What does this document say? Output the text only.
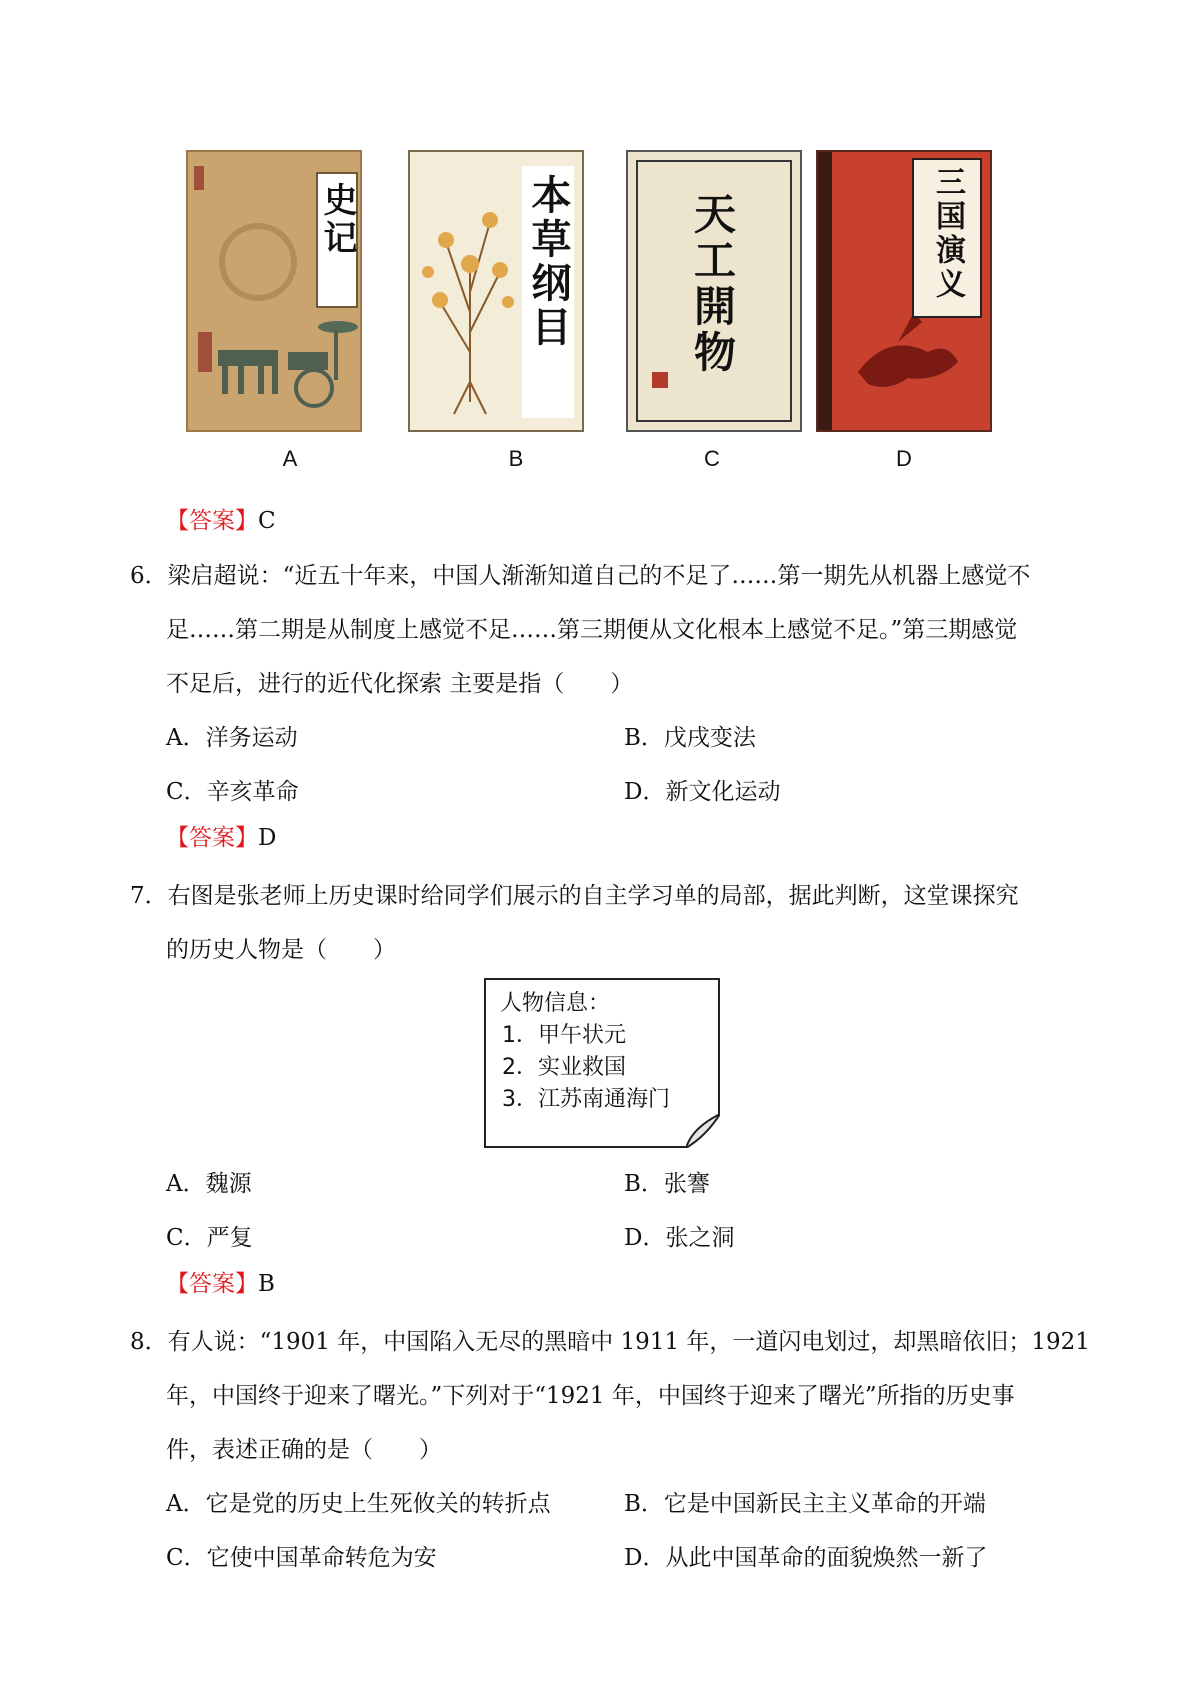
史记	本草纲目	天工開物	三国演义
A	B	C	D
【答案】C
6．梁启超说：“近五十年来，中国人渐渐知道自己的不足了……第一期先从机器上感觉不
足……第二期是从制度上感觉不足……第三期便从文化根本上感觉不足。”第三期感觉
不足后，进行的近代化探索 主要是指（　　）
A．洋务运动	B．戊戌变法
C．辛亥革命	D．新文化运动
【答案】D
7．右图是张老师上历史课时给同学们展示的自主学习单的局部，据此判断，这堂课探究
的历史人物是（　　）
人物信息：
1．甲午状元
2．实业救国
3．江苏南通海门
A．魏源	B．张謇
C．严复	D．张之洞
【答案】B
8．有人说：“1901 年，中国陷入无尽的黑暗中 1911 年，一道闪电划过，却黑暗依旧；1921
年，中国终于迎来了曙光。”下列对于“1921 年，中国终于迎来了曙光”所指的历史事
件，表述正确的是（　　）
A．它是党的历史上生死攸关的转折点	B．它是中国新民主主义革命的开端
C．它使中国革命转危为安	D．从此中国革命的面貌焕然一新了
